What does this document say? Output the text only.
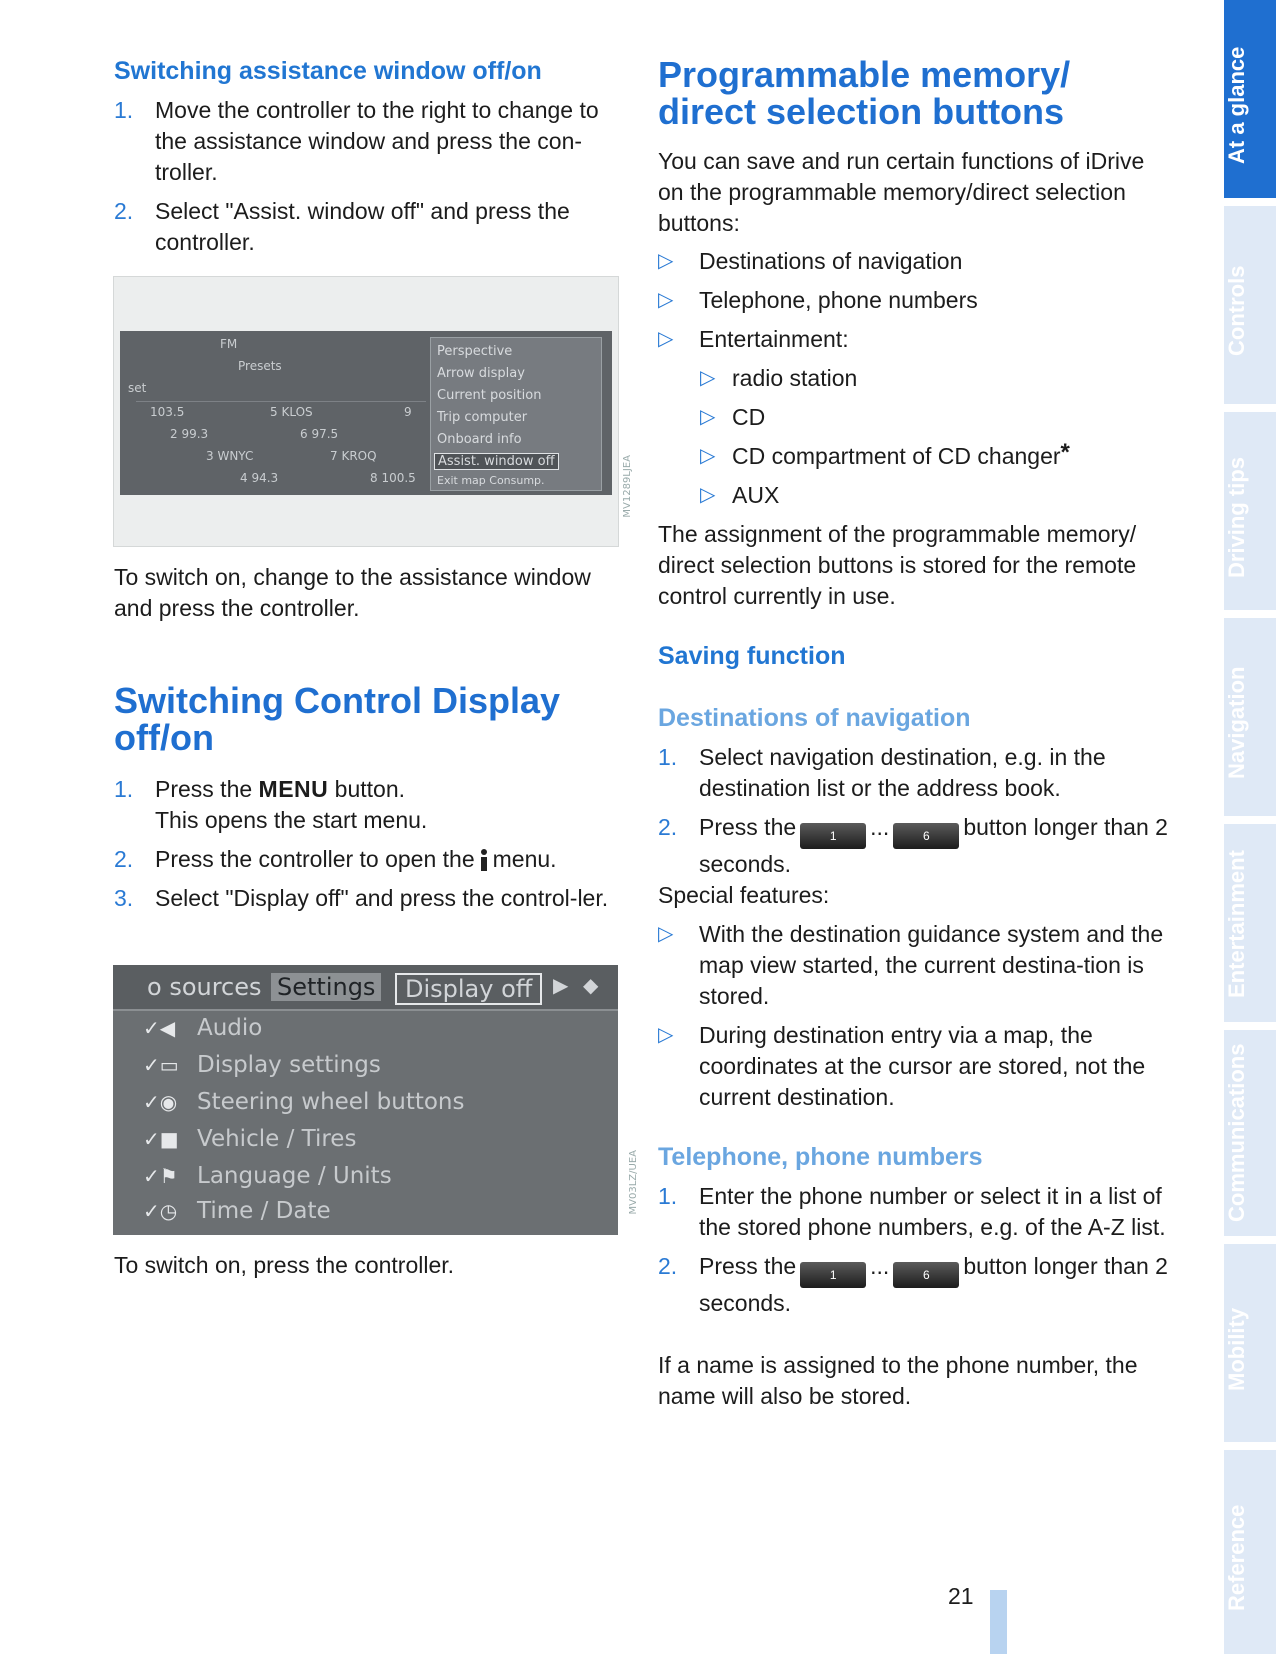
Switching assistance window off/on
1. Move the controller to the right to change to the assistance window and press the con-troller.
2. Select "Assist. window off" and press the controller.
FM
Presets
set
103.5	5 KLOS	9
2 99.3	6 97.5
3 WNYC	7 KROQ
4 94.3	8 100.5
Perspective
Arrow display
Current position
Trip computer
Onboard info
Assist. window off
Exit map Consump.	MV1289LJEA

To switch on, change to the assistance window and press the controller.

Switching Control Display off/on
1. Press the MENU button.
This opens the start menu.
2. Press the controller to open the menu.
3. Select "Display off" and press the control-ler.
o sources Settings	Display off	▶ ◆
✓◀ Audio
✓▭ Display settings
✓◉ Steering wheel buttons
✓■ Vehicle / Tires
✓⚑ Language / Units
✓◷ Time / Date	MV03LZ/UEA

To switch on, press the controller.

Programmable memory/ direct selection buttons

You can save and run certain functions of iDrive on the programmable memory/direct selection buttons:

▷ Destinations of navigation
▷ Telephone, phone numbers
▷ Entertainment:
▷ radio station
▷ CD
▷ CD compartment of CD changer*
▷ AUX

The assignment of the programmable memory/ direct selection buttons is stored for the remote control currently in use.

Saving function
Destinations of navigation
1. Select navigation destination, e.g. in the destination list or the address book.
2. Press the	1 ...	6 button longer than 2 seconds.

Special features:

▷ With the destination guidance system and the map view started, the current destina-tion is stored.
▷ During destination entry via a map, the coordinates at the cursor are stored, not the current destination.
Telephone, phone numbers
1. Enter the phone number or select it in a list of the stored phone numbers, e.g. of the A-Z list.
2. Press the	1 ...	6 button longer than 2 seconds.

If a name is assigned to the phone number, the name will also be stored.

21
At a glance
Controls
Driving tips
Navigation
Entertainment
Communications
Mobility
Reference
